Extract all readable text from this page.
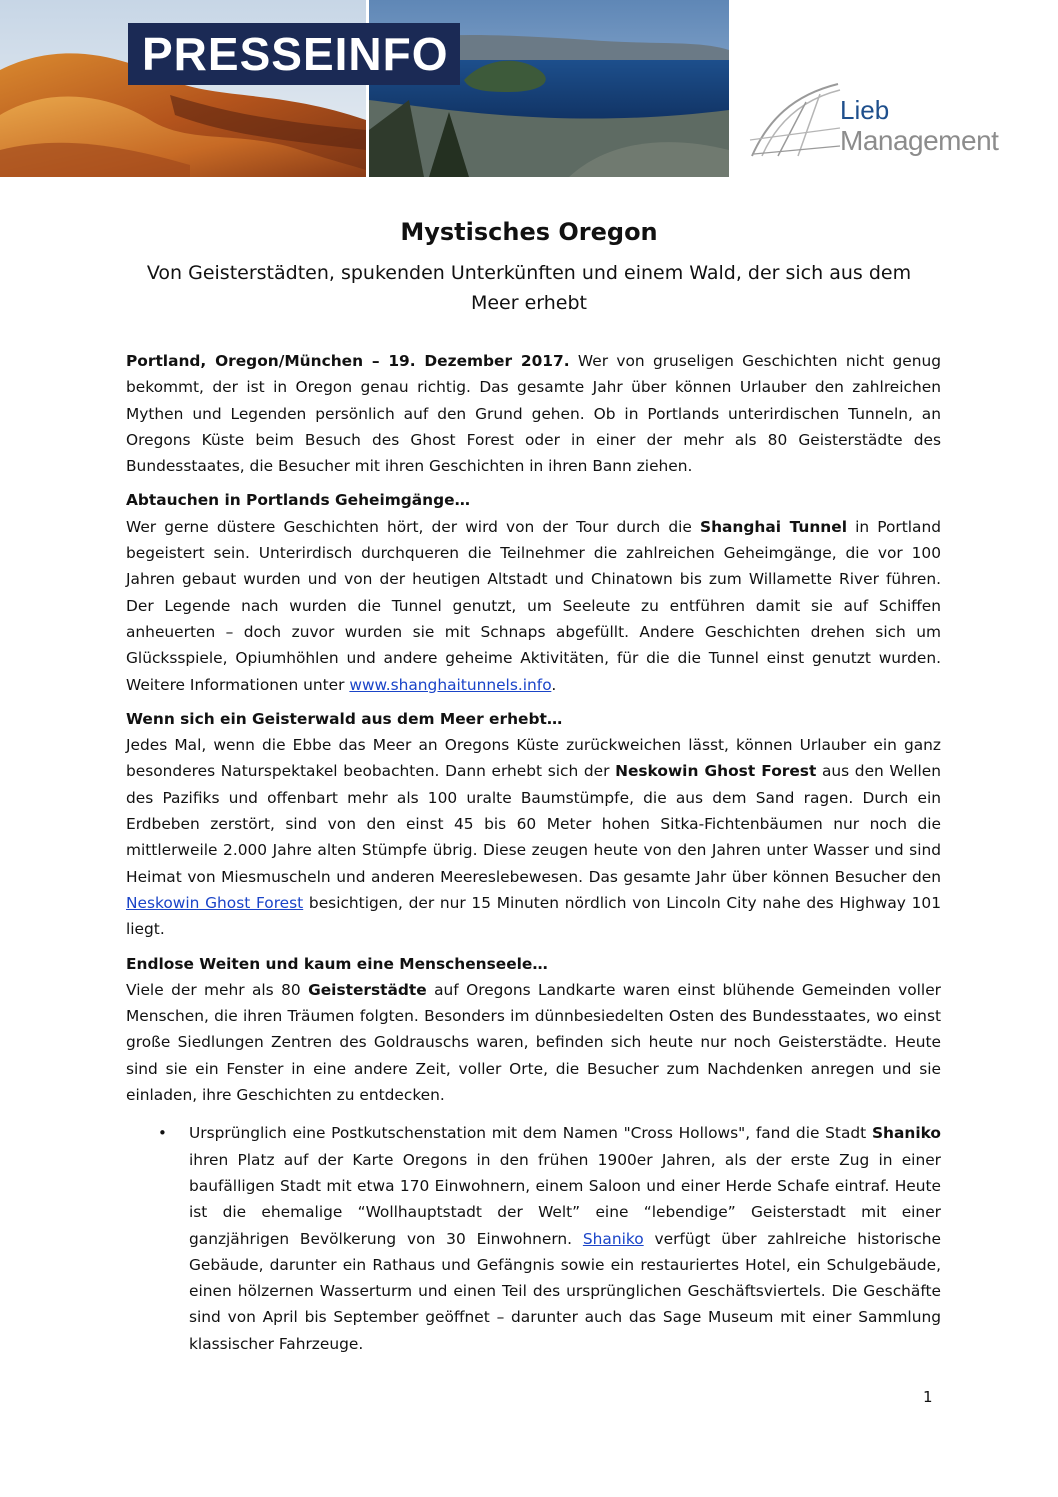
PRESSEINFO
Lieb
Management
Mystisches Oregon
Von Geisterstädten, spukenden Unterkünften und einem Wald, der sich aus dem Meer erhebt

Portland, Oregon/München – 19. Dezember 2017. Wer von gruseligen Geschichten nicht genug bekommt, der ist in Oregon genau richtig. Das gesamte Jahr über können Urlauber den zahlreichen Mythen und Legenden persönlich auf den Grund gehen. Ob in Portlands unterirdischen Tunneln, an Oregons Küste beim Besuch des Ghost Forest oder in einer der mehr als 80 Geisterstädte des Bundesstaates, die Besucher mit ihren Geschichten in ihren Bann ziehen.

Abtauchen in Portlands Geheimgänge…

Wer gerne düstere Geschichten hört, der wird von der Tour durch die Shanghai Tunnel in Portland begeistert sein. Unterirdisch durchqueren die Teilnehmer die zahlreichen Geheimgänge, die vor 100 Jahren gebaut wurden und von der heutigen Altstadt und Chinatown bis zum Willamette River führen. Der Legende nach wurden die Tunnel genutzt, um Seeleute zu entführen damit sie auf Schiffen anheuerten – doch zuvor wurden sie mit Schnaps abgefüllt. Andere Geschichten drehen sich um Glücksspiele, Opiumhöhlen und andere geheime Aktivitäten, für die die Tunnel einst genutzt wurden. Weitere Informationen unter www.shanghaitunnels.info.

Wenn sich ein Geisterwald aus dem Meer erhebt…

Jedes Mal, wenn die Ebbe das Meer an Oregons Küste zurückweichen lässt, können Urlauber ein ganz besonderes Naturspektakel beobachten. Dann erhebt sich der Neskowin Ghost Forest aus den Wellen des Pazifiks und offenbart mehr als 100 uralte Baumstümpfe, die aus dem Sand ragen. Durch ein Erdbeben zerstört, sind von den einst 45 bis 60 Meter hohen Sitka-Fichtenbäumen nur noch die mittlerweile 2.000 Jahre alten Stümpfe übrig. Diese zeugen heute von den Jahren unter Wasser und sind Heimat von Miesmuscheln und anderen Meereslebewesen. Das gesamte Jahr über können Besucher den Neskowin Ghost Forest besichtigen, der nur 15 Minuten nördlich von Lincoln City nahe des Highway 101 liegt.

Endlose Weiten und kaum eine Menschenseele…

Viele der mehr als 80 Geisterstädte auf Oregons Landkarte waren einst blühende Gemeinden voller Menschen, die ihren Träumen folgten. Besonders im dünnbesiedelten Osten des Bundesstaates, wo einst große Siedlungen Zentren des Goldrauschs waren, befinden sich heute nur noch Geisterstädte. Heute sind sie ein Fenster in eine andere Zeit, voller Orte, die Besucher zum Nachdenken anregen und sie einladen, ihre Geschichten zu entdecken.

• Ursprünglich eine Postkutschenstation mit dem Namen "Cross Hollows", fand die Stadt Shaniko ihren Platz auf der Karte Oregons in den frühen 1900er Jahren, als der erste Zug in einer baufälligen Stadt mit etwa 170 Einwohnern, einem Saloon und einer Herde Schafe eintraf. Heute ist die ehemalige “Wollhauptstadt der Welt” eine “lebendige” Geisterstadt mit einer ganzjährigen Bevölkerung von 30 Einwohnern. Shaniko verfügt über zahlreiche historische Gebäude, darunter ein Rathaus und Gefängnis sowie ein restauriertes Hotel, ein Schulgebäude, einen hölzernen Wasserturm und einen Teil des ursprünglichen Geschäftsviertels. Die Geschäfte sind von April bis September geöffnet – darunter auch das Sage Museum mit einer Sammlung klassischer Fahrzeuge.
1
